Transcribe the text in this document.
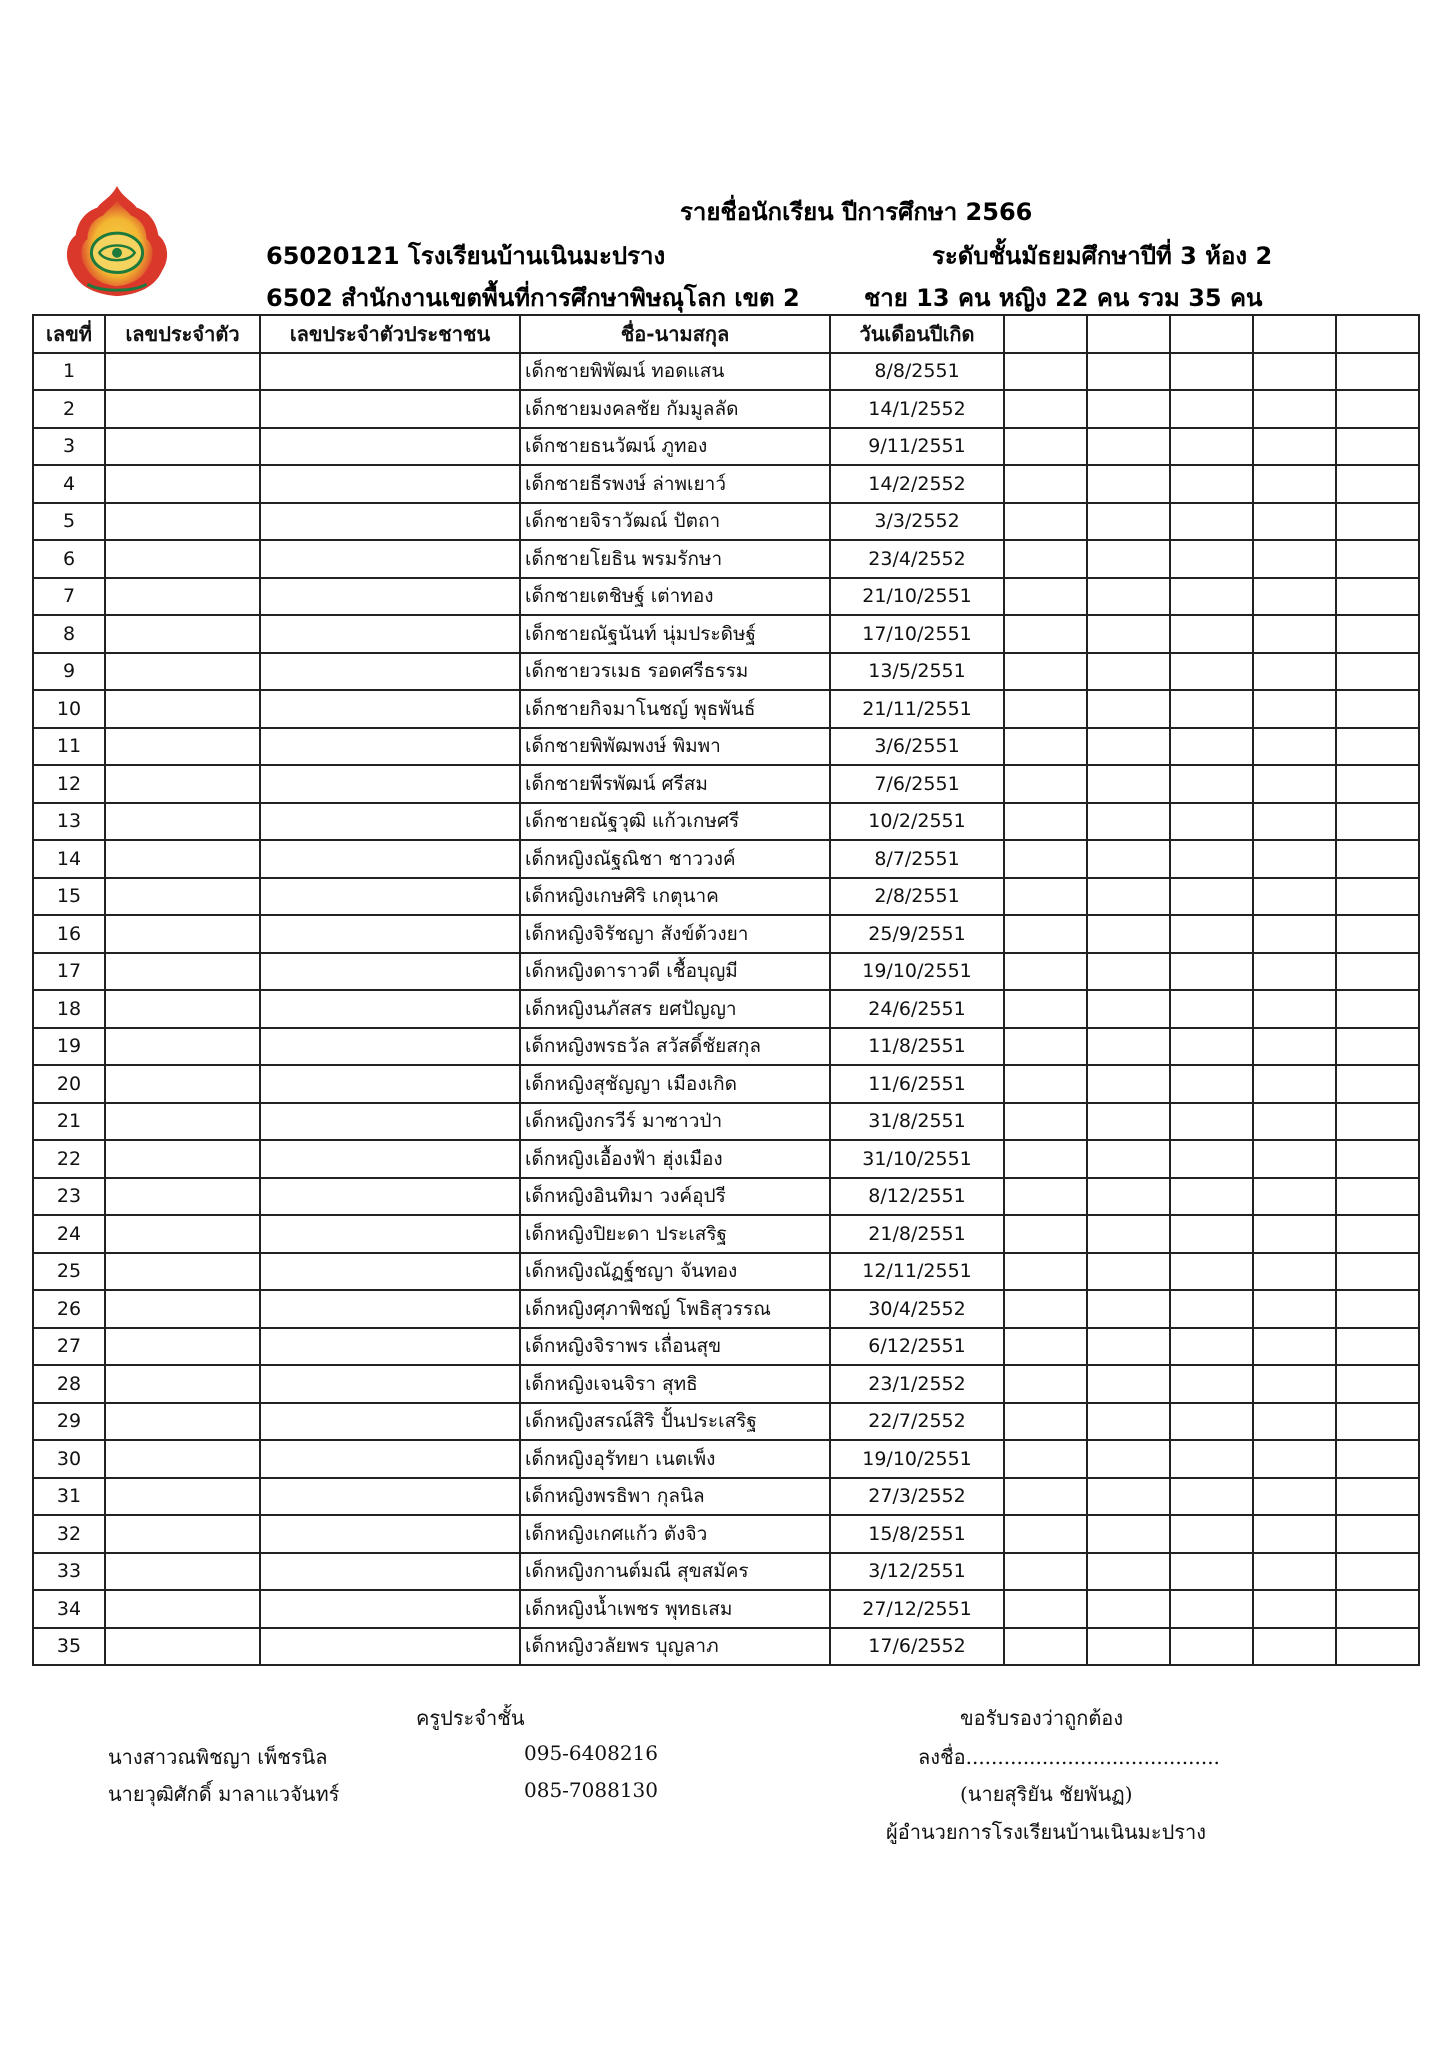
รายชื่อนักเรียน ปีการศึกษา 2566
65020121 โรงเรียนบ้านเนินมะปราง	ระดับชั้นมัธยมศึกษาปีที่ 3 ห้อง 2
6502 สำนักงานเขตพื้นที่การศึกษาพิษณุโลก เขต 2	ชาย 13 คน หญิง 22 คน รวม 35 คน
เลขที่	เลขประจำตัว	เลขประจำตัวประชาชน	ชื่อ-นามสกุล	วันเดือนปีเกิด					
1			เด็กชายพิพัฒน์ ทอดแสน	8/8/2551					
2			เด็กชายมงคลชัย กัมมูลลัด	14/1/2552					
3			เด็กชายธนวัฒน์ ภูทอง	9/11/2551					
4			เด็กชายธีรพงษ์ ล่าพเยาว์	14/2/2552					
5			เด็กชายจิราวัฒณ์ ปัตถา	3/3/2552					
6			เด็กชายโยธิน พรมรักษา	23/4/2552					
7			เด็กชายเตชิษฐ์ เต่าทอง	21/10/2551					
8			เด็กชายณัฐนันท์ นุ่มประดิษฐ์	17/10/2551					
9			เด็กชายวรเมธ รอดศรีธรรม	13/5/2551					
10			เด็กชายกิจมาโนชญ์ พุธพันธ์	21/11/2551					
11			เด็กชายพิพัฒพงษ์ พิมพา	3/6/2551					
12			เด็กชายพีรพัฒน์ ศรีสม	7/6/2551					
13			เด็กชายณัฐวุฒิ แก้วเกษศรี	10/2/2551					
14			เด็กหญิงณัฐณิชา ชาววงค์	8/7/2551					
15			เด็กหญิงเกษศิริ เกตุนาค	2/8/2551					
16			เด็กหญิงจิรัชญา สังข์ด้วงยา	25/9/2551					
17			เด็กหญิงดาราวดี เชื้อบุญมี	19/10/2551					
18			เด็กหญิงนภัสสร ยศปัญญา	24/6/2551					
19			เด็กหญิงพรธวัล สวัสดิ์ชัยสกุล	11/8/2551					
20			เด็กหญิงสุชัญญา เมืองเกิด	11/6/2551					
21			เด็กหญิงกรวีร์ มาซาวป่า	31/8/2551					
22			เด็กหญิงเอื้องฟ้า ฮุ่งเมือง	31/10/2551					
23			เด็กหญิงอินทิมา วงค์อุปรี	8/12/2551					
24			เด็กหญิงปิยะดา ประเสริฐ	21/8/2551					
25			เด็กหญิงณัฏฐ์ชญา จันทอง	12/11/2551					
26			เด็กหญิงศุภาพิชญ์ โพธิสุวรรณ	30/4/2552					
27			เด็กหญิงจิราพร เถื่อนสุข	6/12/2551					
28			เด็กหญิงเจนจิรา สุทธิ	23/1/2552					
29			เด็กหญิงสรณ์สิริ ปั้นประเสริฐ	22/7/2552					
30			เด็กหญิงอุรัทยา เนตเพ็ง	19/10/2551					
31			เด็กหญิงพรธิพา กุลนิล	27/3/2552					
32			เด็กหญิงเกศแก้ว ตังจิว	15/8/2551					
33			เด็กหญิงกานต์มณี สุขสมัคร	3/12/2551					
34			เด็กหญิงน้ำเพชร พุทธเสม	27/12/2551					
35			เด็กหญิงวลัยพร บุญลาภ	17/6/2552					
ครูประจำชั้น
นางสาวณพิชญา เพ็ชรนิล	095-6408216
นายวุฒิศักดิ์ มาลาแวจันทร์	085-7088130
ขอรับรองว่าถูกต้อง
ลงชื่อ........................................
(นายสุริยัน ชัยพันฏ)
ผู้อำนวยการโรงเรียนบ้านเนินมะปราง
